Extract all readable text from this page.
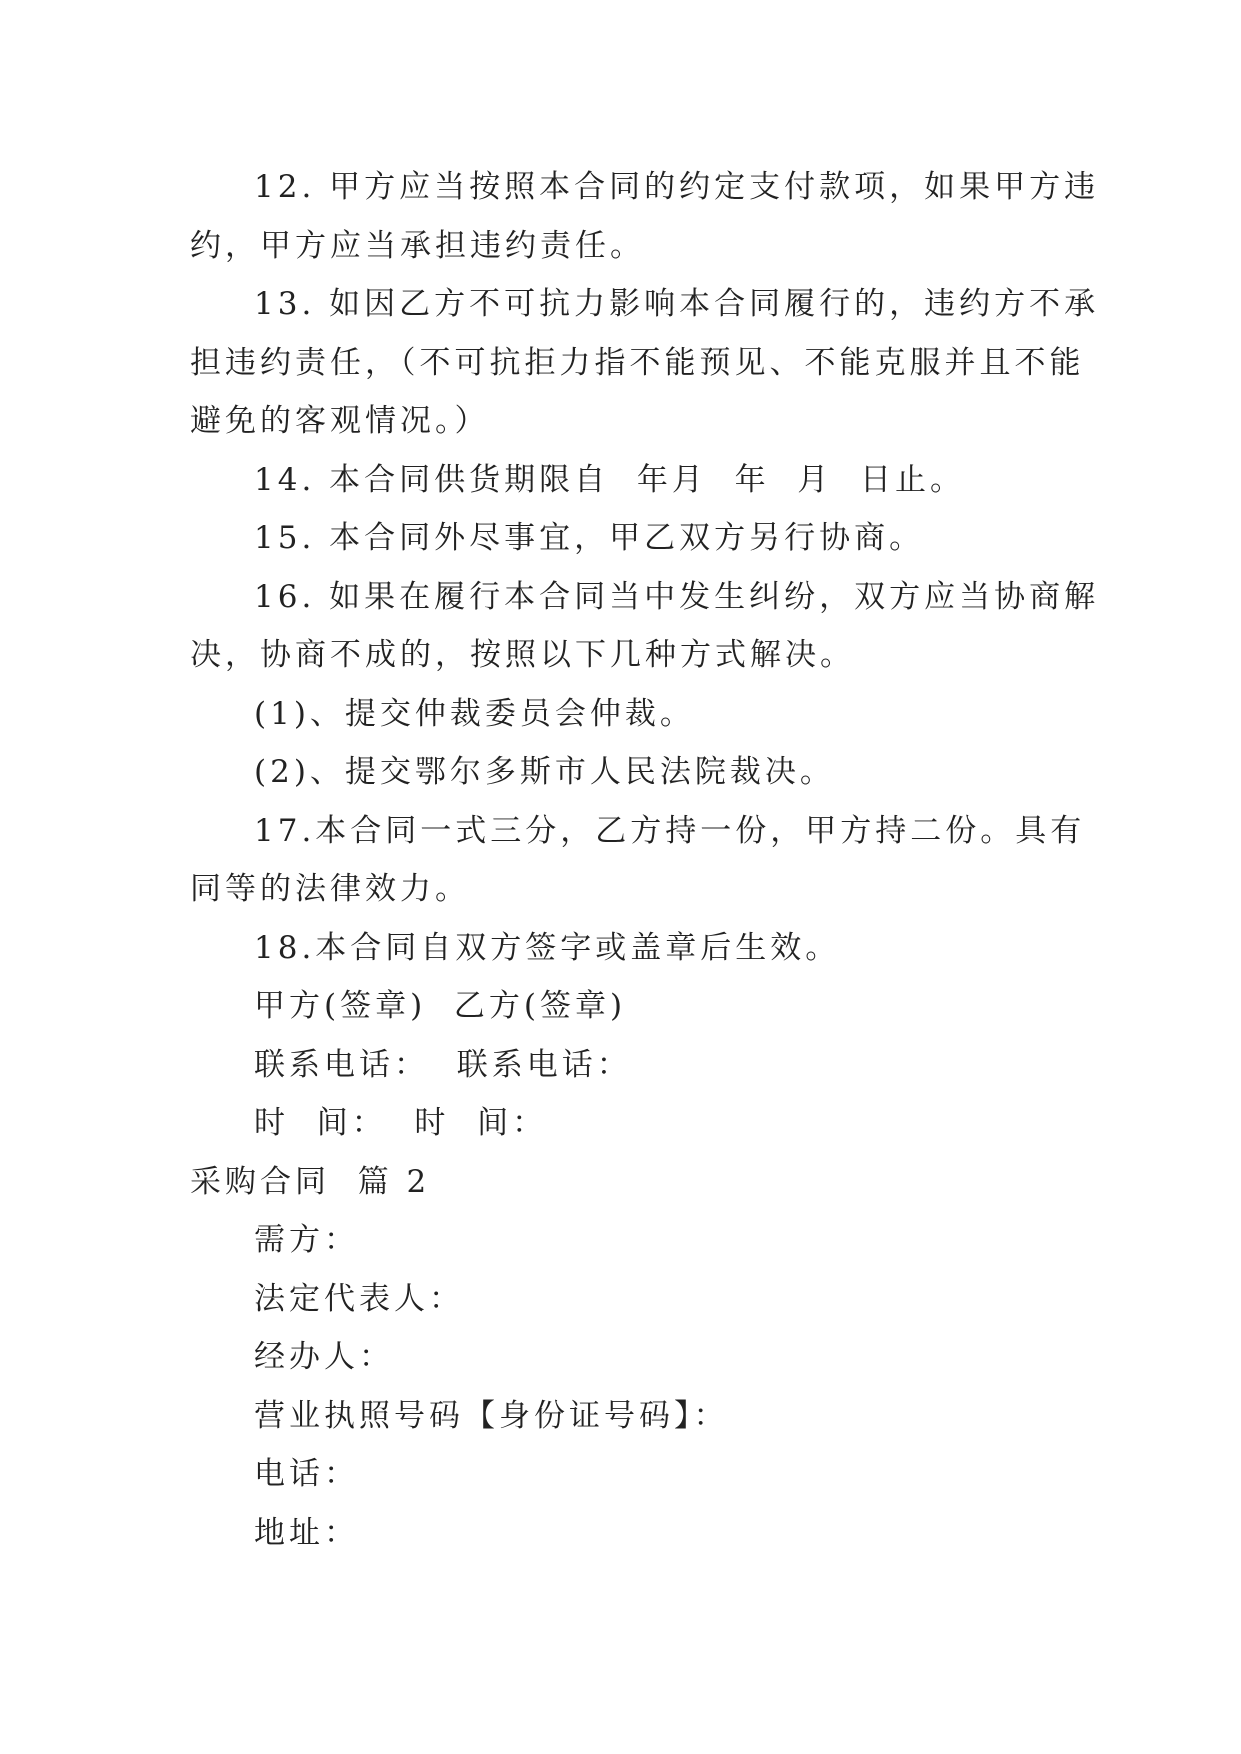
12. 甲方应当按照本合同的约定支付款项，如果甲方违
约，甲方应当承担违约责任。
13. 如因乙方不可抗力影响本合同履行的，违约方不承
担违约责任，（不可抗拒力指不能预见、不能克服并且不能
避免的客观情况。）
14. 本合同供货期限自  年月  年  月  日止。
15. 本合同外尽事宜，甲乙双方另行协商。
16. 如果在履行本合同当中发生纠纷，双方应当协商解
决，协商不成的，按照以下几种方式解决。
(1)、提交仲裁委员会仲裁。
(2)、提交鄂尔多斯市人民法院裁决。
17.本合同一式三分，乙方持一份，甲方持二份。具有
同等的法律效力。
18.本合同自双方签字或盖章后生效。
甲方(签章)  乙方(签章)
联系电话：  联系电话：
时  间：  时  间：
采购合同  篇 2
需方：
法定代表人：
经办人：
营业执照号码【身份证号码】：
电话：
地址：
